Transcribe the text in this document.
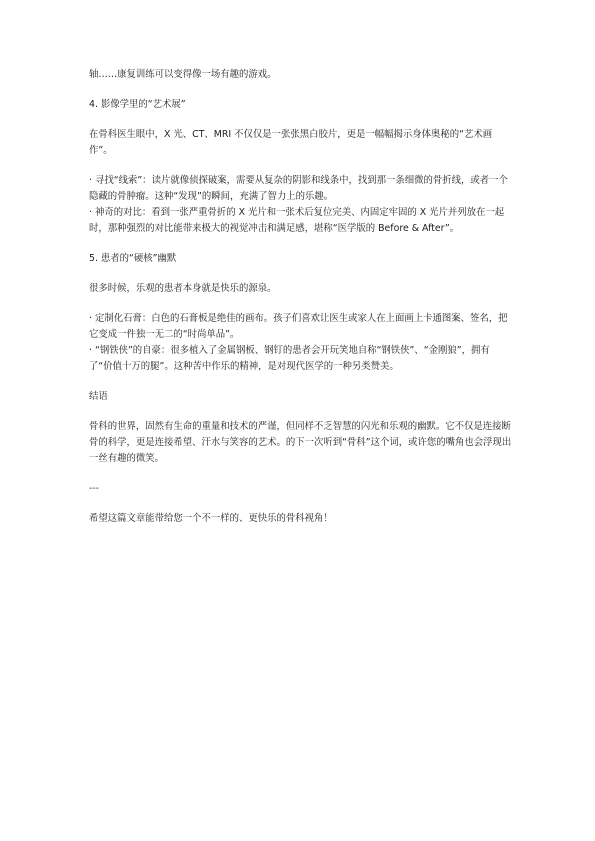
轴……康复训练可以变得像一场有趣的游戏。

4. 影像学里的“艺术展”

在骨科医生眼中，X 光、CT、MRI 不仅仅是一张张黑白胶片，更是一幅幅揭示身体奥秘的“艺术画作”。

· 寻找“线索”：读片就像侦探破案，需要从复杂的阴影和线条中，找到那一条细微的骨折线，或者一个隐藏的骨肿瘤。这种“发现”的瞬间，充满了智力上的乐趣。

· 神奇的对比：看到一张严重骨折的 X 光片和一张术后复位完美、内固定牢固的 X 光片并列放在一起时，那种强烈的对比能带来极大的视觉冲击和满足感，堪称“医学版的 Before & After”。

5. 患者的“硬核”幽默

很多时候，乐观的患者本身就是快乐的源泉。

· 定制化石膏：白色的石膏板是绝佳的画布。孩子们喜欢让医生或家人在上面画上卡通图案、签名，把它变成一件独一无二的“时尚单品”。

· “钢铁侠”的自豪：很多植入了金属钢板、钢钉的患者会开玩笑地自称“钢铁侠”、“金刚狼”，拥有了“价值十万的腿”。这种苦中作乐的精神，是对现代医学的一种另类赞美。

结语

骨科的世界，固然有生命的重量和技术的严谨，但同样不乏智慧的闪光和乐观的幽默。它不仅是连接断骨的科学，更是连接希望、汗水与笑容的艺术。的下一次听到“骨科”这个词，或许您的嘴角也会浮现出一丝有趣的微笑。

---

希望这篇文章能带给您一个不一样的、更快乐的骨科视角！
